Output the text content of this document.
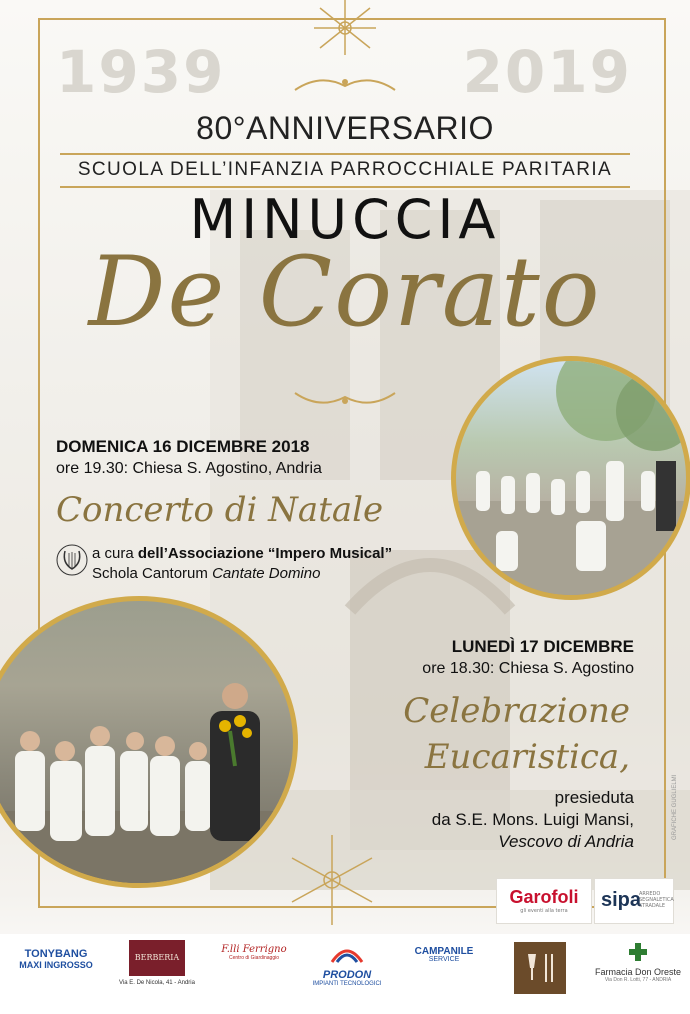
1939	2019
80°ANNIVERSARIO
SCUOLA DELL’INFANZIA PARROCCHIALE PARITARIA
MINUCCIA
De Corato
DOMENICA 16 DICEMBRE 2018
ore 19.30: Chiesa S. Agostino, Andria
Concerto di Natale
a cura dell’Associazione “Impero Musical”
Schola Cantorum Cantate Domino
LUNEDÌ 17 DICEMBRE
ore 18.30: Chiesa S. Agostino
Celebrazione
Eucaristica,
presieduta
da S.E. Mons. Luigi Mansi,
Vescovo di Andria
GRAFICHE GUGLIELMI
Garofoli
gli eventi alla terra	sipa
ARREDO SEGNALETICA STRADALE
TONYBANG
MAXI INGROSSO
BERBERIA
Via E. De Nicola, 41 - Andria
F.lli Ferrigno
Centro di Giardinaggio
PRODON
IMPIANTI TECNOLOGICI
CAMPANILE
SERVICE
Farmacia Don Oreste
Via Don R. Lotti, 77 - ANDRIA
